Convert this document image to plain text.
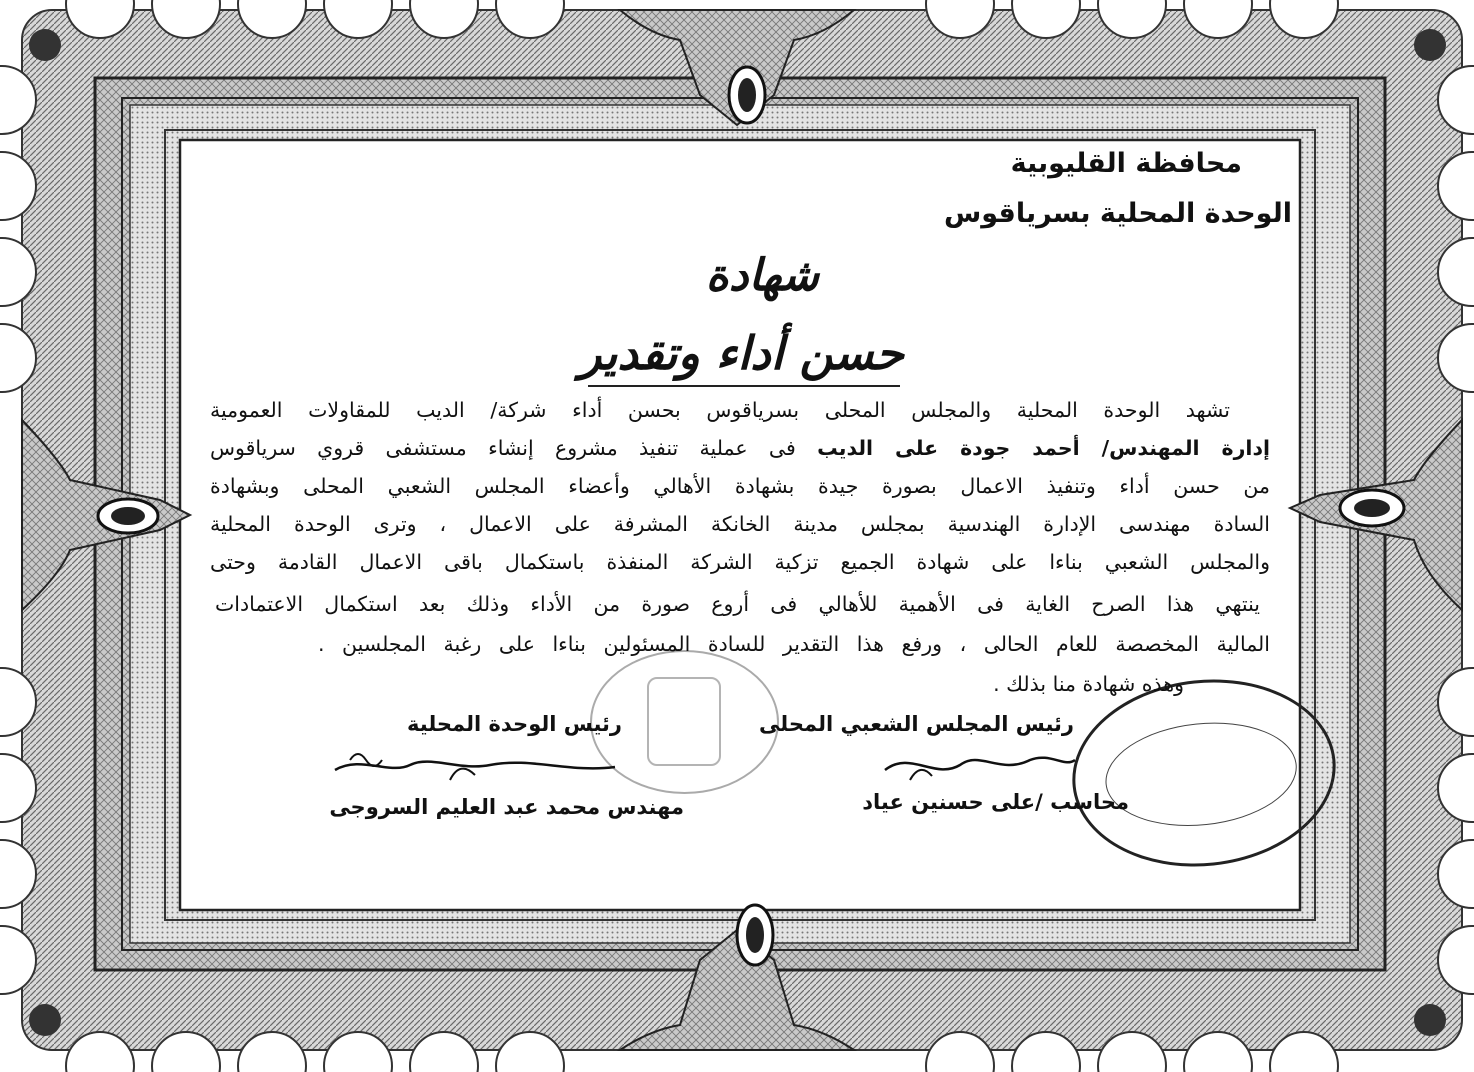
محافظة القليوبية
الوحدة المحلية بسرياقوس
شهادة
حسن أداء وتقدير
تشهد الوحدة المحلية والمجلس المحلى بسرياقوس بحسن أداء شركة/ الديب للمقاولات العمومية
إدارة المهندس/ أحمد جودة على الديب فى عملية تنفيذ مشروع إنشاء مستشفى قروي سرياقوس
من حسن أداء وتنفيذ الاعمال بصورة جيدة بشهادة الأهالي وأعضاء المجلس الشعبي المحلى وبشهادة
السادة مهندسى الإدارة الهندسية بمجلس مدينة الخانكة المشرفة على الاعمال ، وترى الوحدة المحلية
والمجلس الشعبي بناءا على شهادة الجميع تزكية الشركة المنفذة باستكمال باقى الاعمال القادمة وحتى
ينتهي هذا الصرح الغاية فى الأهمية للأهالي فى أروع صورة من الأداء وذلك بعد استكمال الاعتمادات
المالية المخصصة للعام الحالى ، ورفع هذا التقدير للسادة المسئولين بناءا على رغبة المجلسين .
وهذه شهادة منا بذلك .
رئيس المجلس الشعبي المحلى
رئيس الوحدة المحلية
محاسب /على حسنين عياد
مهندس محمد عبد العليم السروجى
